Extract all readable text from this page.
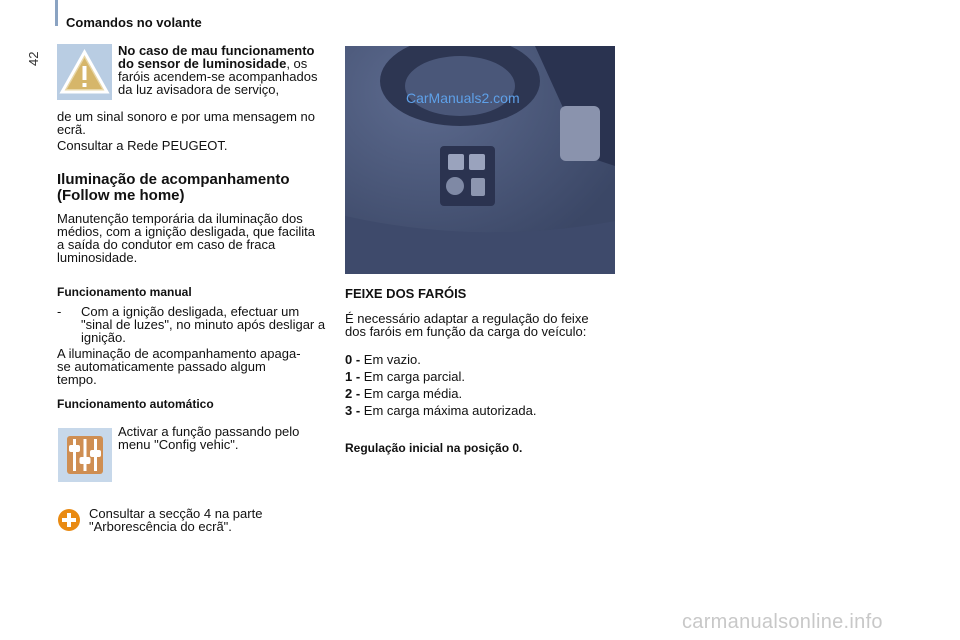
Comandos no volante
42
No caso de mau funcionamento do sensor de luminosidade, os faróis acendem-se acompanhados da luz avisadora de serviço,
de um sinal sonoro e por uma mensagem no ecrã.
Consultar a Rede PEUGEOT.
Iluminação de acompanhamento
(Follow me home)
Manutenção temporária da iluminação dos médios, com a ignição desligada, que facilita a saída do condutor em caso de fraca luminosidade.
Funcionamento manual
- Com a ignição desligada, efectuar um "sinal de luzes", no minuto após desligar a ignição.
A iluminação de acompanhamento apaga-se automaticamente passado algum tempo.
Funcionamento automático
Activar a função passando pelo menu "Config vehic".
Consultar a secção 4 na parte "Arborescência do ecrã".
CarManuals2.com
FEIXE DOS FARÓIS
É necessário adaptar a regulação do feixe dos faróis em função da carga do veículo:
0 - Em vazio.
1 - Em carga parcial.
2 - Em carga média.
3 - Em carga máxima autorizada.
Regulação inicial na posição 0.
carmanualsonline.info
